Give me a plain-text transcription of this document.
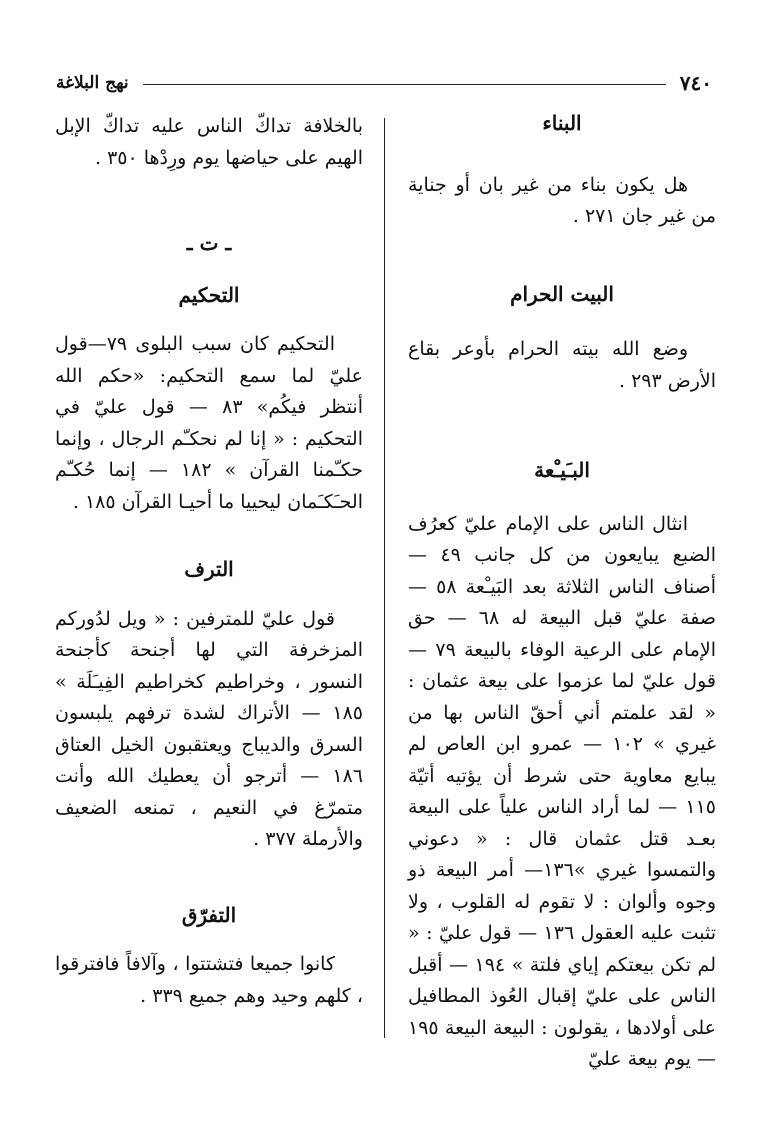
٧٤٠
نهج البلاغة
البناء
هل يكون بناء من غير بان أو جناية من غير جان ٢٧١ .
البيت الحرام
وضع الله بيته الحرام بأوعر بقاع الأرض ٢٩٣ .
البـَيـْعة
انثال الناس على الإمام عليّ كعرُف الضبع يبايعون من كل جانب ٤٩ — أصناف الناس الثلاثة بعد البَيـْعة ٥٨ — صفة عليّ قبل البيعة له ٦٨ — حق الإمام على الرعية الوفاء بالبيعة ٧٩ — قول عليّ لما عزموا على بيعة عثمان : « لقد علمتم أني أحقّ الناس بها من غيري » ١٠٢ — عمرو ابن العاص لم يبايع معاوية حتى شرط أن يؤتيه أتيّة ١١٥ — لما أراد الناس علياً على البيعة بعـد قتل عثمان قال : « دعوني والتمسوا غيري »١٣٦— أمر البيعة ذو وجوه وألوان : لا تقوم له القلوب ، ولا تثبت عليه العقول ١٣٦ — قول عليّ : « لم تكن بيعتكم إياي فلتة » ١٩٤ — أقبل الناس على عليّ إقبال العُوذ المطافيل على أولادها ، يقولون : البيعة البيعة ١٩٥ — يوم بيعة عليّ
بالخلافة تداكّ الناس عليه تداكّ الإبل الهيم على حياضها يوم ورِدْها ٣٥٠ .
ـ ت ـ
التحكيم
التحكيم كان سبب البلوى ٧٩—قول عليّ لما سمع التحكيم: «حكم الله أنتظر فيكُم» ٨٣ — قول عليّ في التحكيم : « إنا لم نحكـّم الرجال ، وإنما حكـّمنا القرآن » ١٨٢ — إنما حُكـّم الحـَكـَمان ليحييا ما أحيـا القرآن ١٨٥ .
الترف
قول عليّ للمترفين : « ويل لدُوركم المزخرفة التي لها أجنحة كأجنحة النسور ، وخراطيم كخراطيم الفِيـَلَة » ١٨٥ — الأتراك لشدة ترفهم يلبسون السرق والديباج ويعتقبون الخيل العتاق ١٨٦ — أترجو أن يعطيك الله وأنت متمرّغ في النعيم ، تمنعه الضعيف والأرملة ٣٧٧ .
التفرّق
كانوا جميعا فتشتتوا ، وآلافاً فافترقوا ، كلهم وحيد وهم جميع ٣٣٩ .
